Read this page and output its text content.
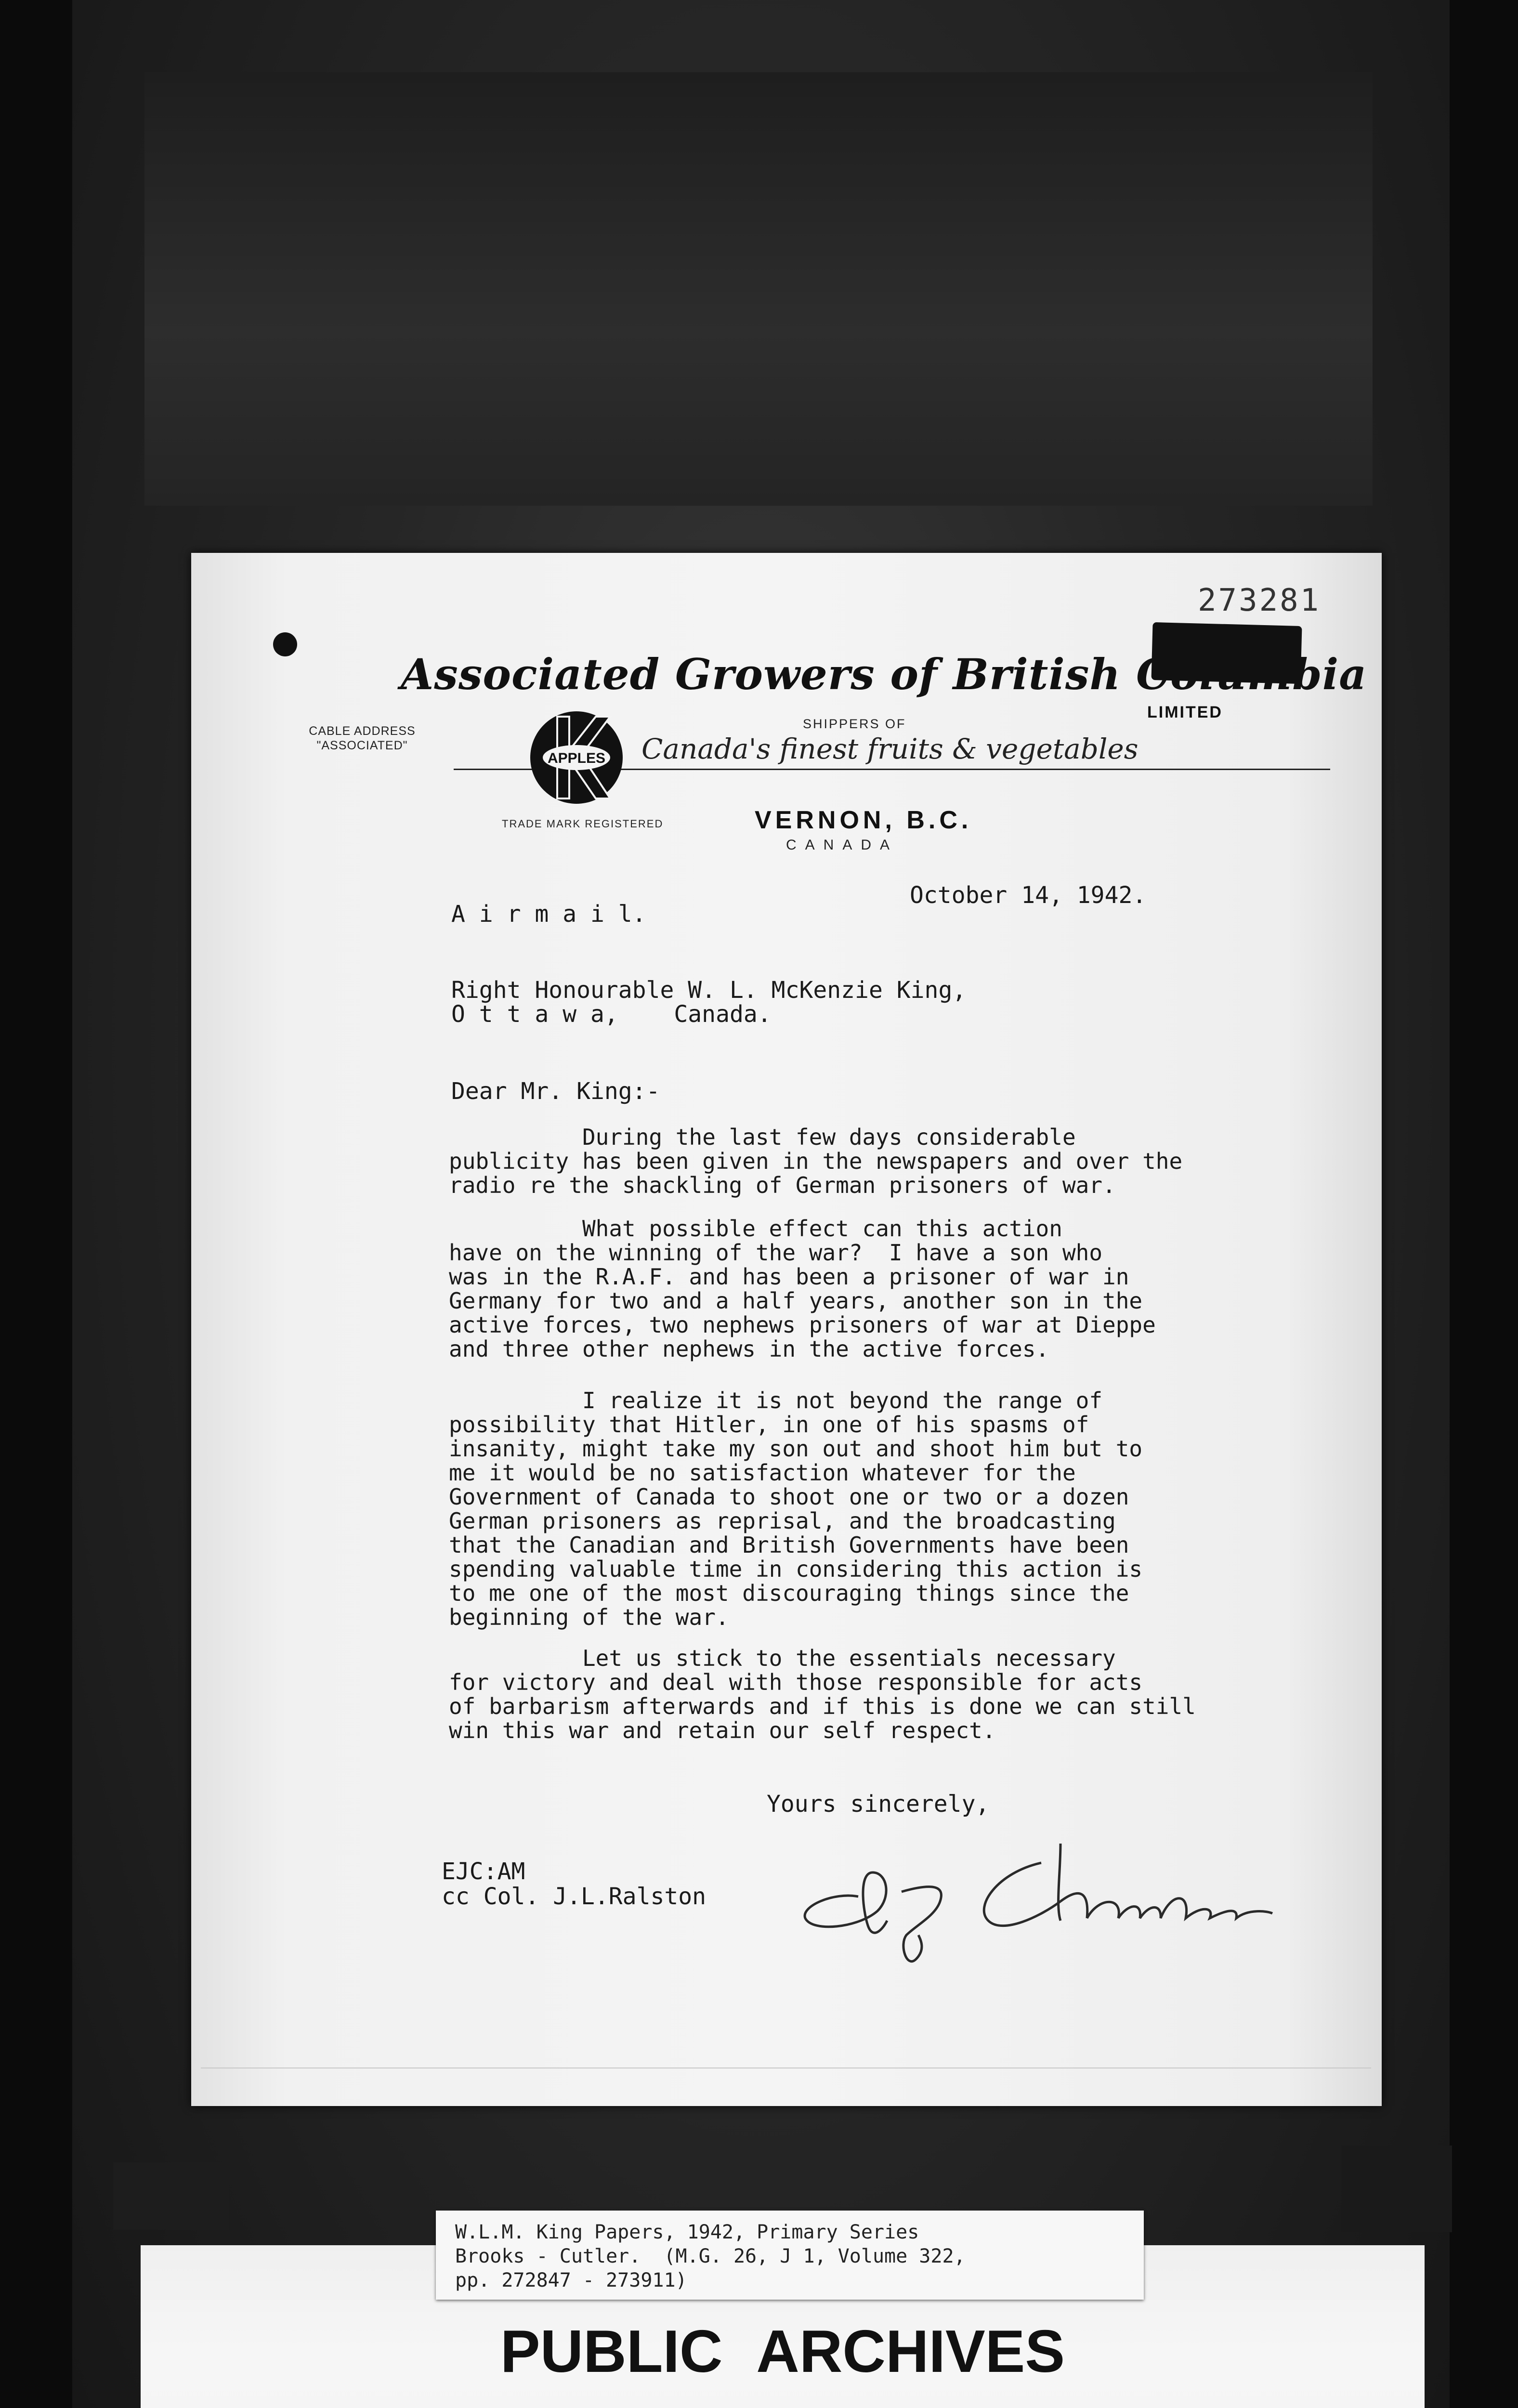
273281
Associated Growers of British Columbia
LIMITED
CABLE ADDRESS
"ASSOCIATED"
SHIPPERS OF
Canada's finest fruits & vegetables
APPLES
TRADE MARK REGISTERED	VERNON, B.C.
CANADA
October 14, 1942.
A i r m a i l.
Right Honourable W. L. McKenzie King,
O t t a w a,    Canada.
Dear Mr. King:-
During the last few days considerable
publicity has been given in the newspapers and over the
radio re the shackling of German prisoners of war.
What possible effect can this action
have on the winning of the war?  I have a son who
was in the R.A.F. and has been a prisoner of war in
Germany for two and a half years, another son in the
active forces, two nephews prisoners of war at Dieppe
and three other nephews in the active forces.
I realize it is not beyond the range of
possibility that Hitler, in one of his spasms of
insanity, might take my son out and shoot him but to
me it would be no satisfaction whatever for the
Government of Canada to shoot one or two or a dozen
German prisoners as reprisal, and the broadcasting
that the Canadian and British Governments have been
spending valuable time in considering this action is
to me one of the most discouraging things since the
beginning of the war.
Let us stick to the essentials necessary
for victory and deal with those responsible for acts
of barbarism afterwards and if this is done we can still
win this war and retain our self respect.
Yours sincerely,
EJC:AM
cc Col. J.L.Ralston
PUBLIC ARCHIVES
W.L.M. King Papers, 1942, Primary Series
Brooks - Cutler.  (M.G. 26, J 1, Volume 322,
pp. 272847 - 273911)
